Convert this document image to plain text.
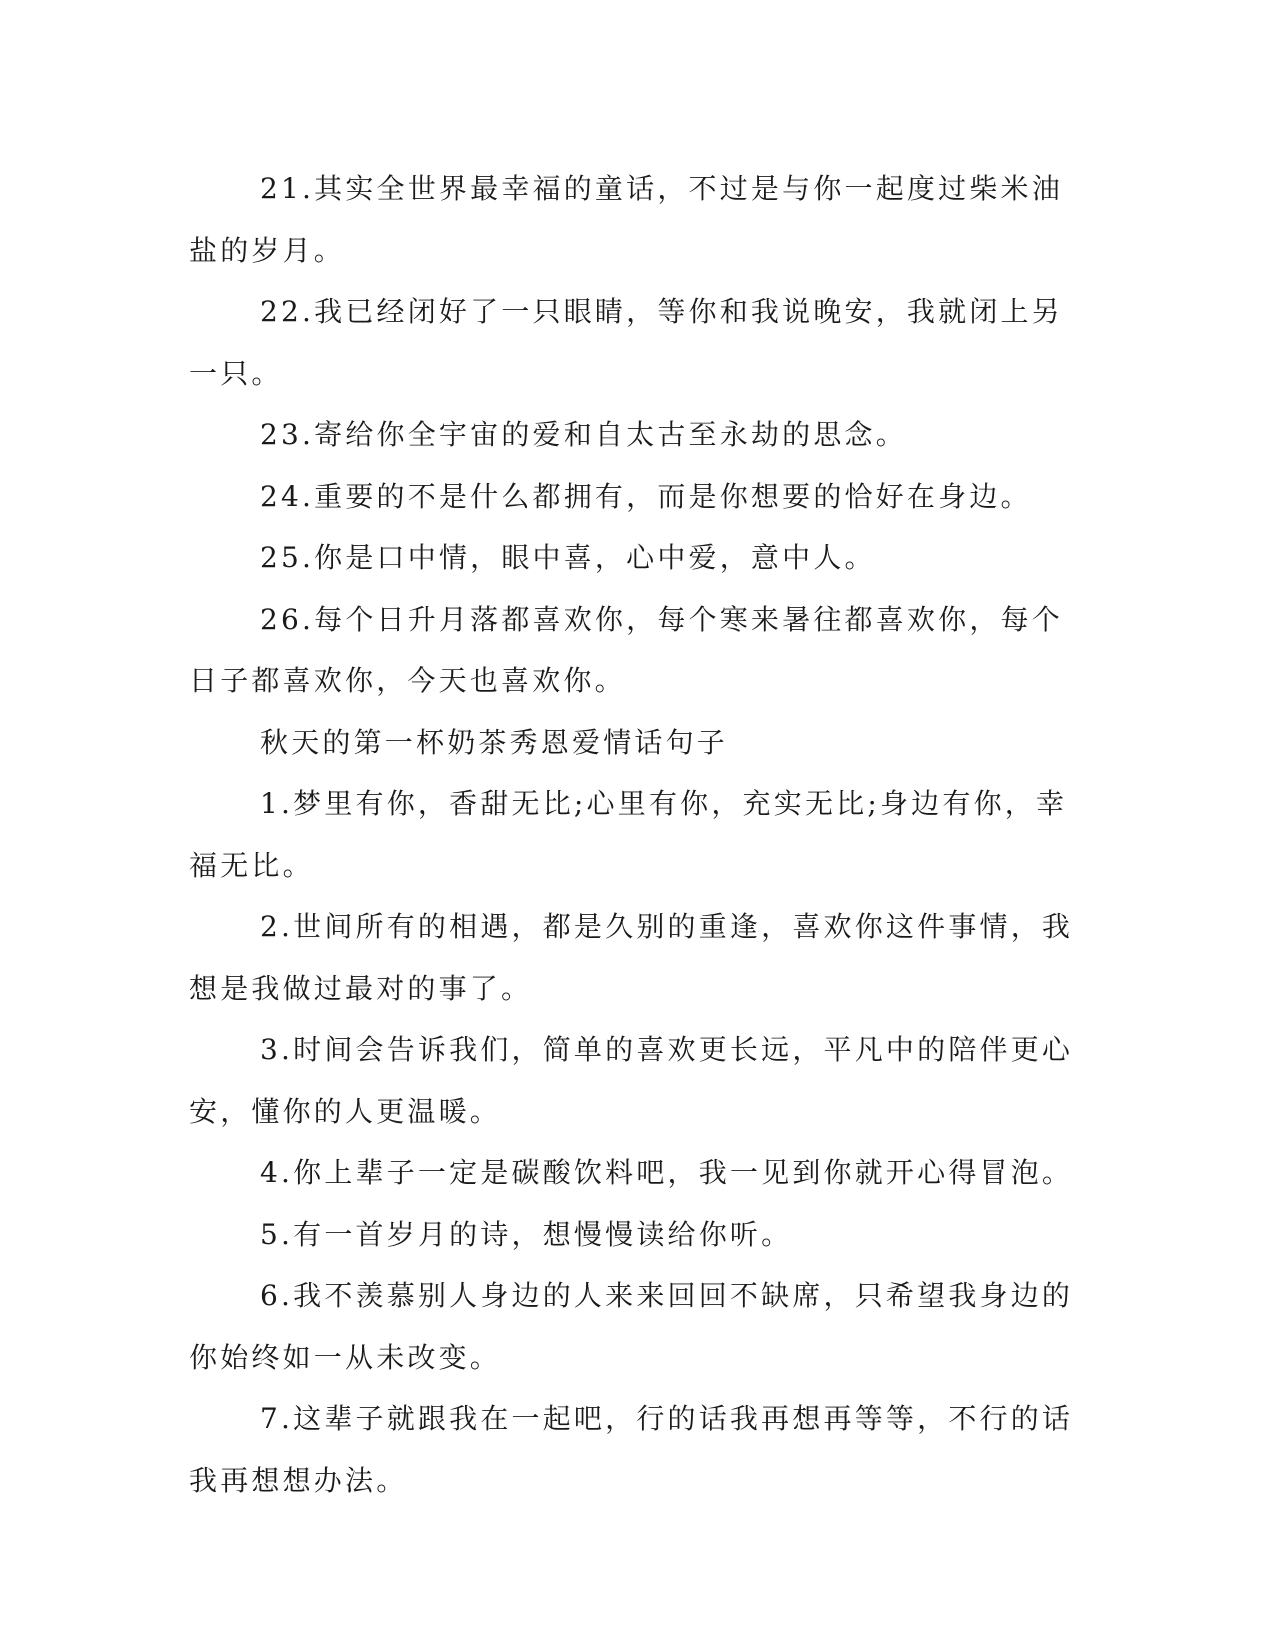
21.其实全世界最幸福的童话，不过是与你一起度过柴米油盐的岁月。

22.我已经闭好了一只眼睛，等你和我说晚安，我就闭上另一只。

23.寄给你全宇宙的爱和自太古至永劫的思念。

24.重要的不是什么都拥有，而是你想要的恰好在身边。

25.你是口中情，眼中喜，心中爱，意中人。

26.每个日升月落都喜欢你，每个寒来暑往都喜欢你，每个日子都喜欢你，今天也喜欢你。

秋天的第一杯奶茶秀恩爱情话句子

1.梦里有你，香甜无比;心里有你，充实无比;身边有你，幸福无比。

2.世间所有的相遇，都是久别的重逢，喜欢你这件事情，我想是我做过最对的事了。

3.时间会告诉我们，简单的喜欢更长远，平凡中的陪伴更心安，懂你的人更温暖。

4.你上辈子一定是碳酸饮料吧，我一见到你就开心得冒泡。

5.有一首岁月的诗，想慢慢读给你听。

6.我不羡慕别人身边的人来来回回不缺席，只希望我身边的你始终如一从未改变。

7.这辈子就跟我在一起吧，行的话我再想再等等，不行的话我再想想办法。
